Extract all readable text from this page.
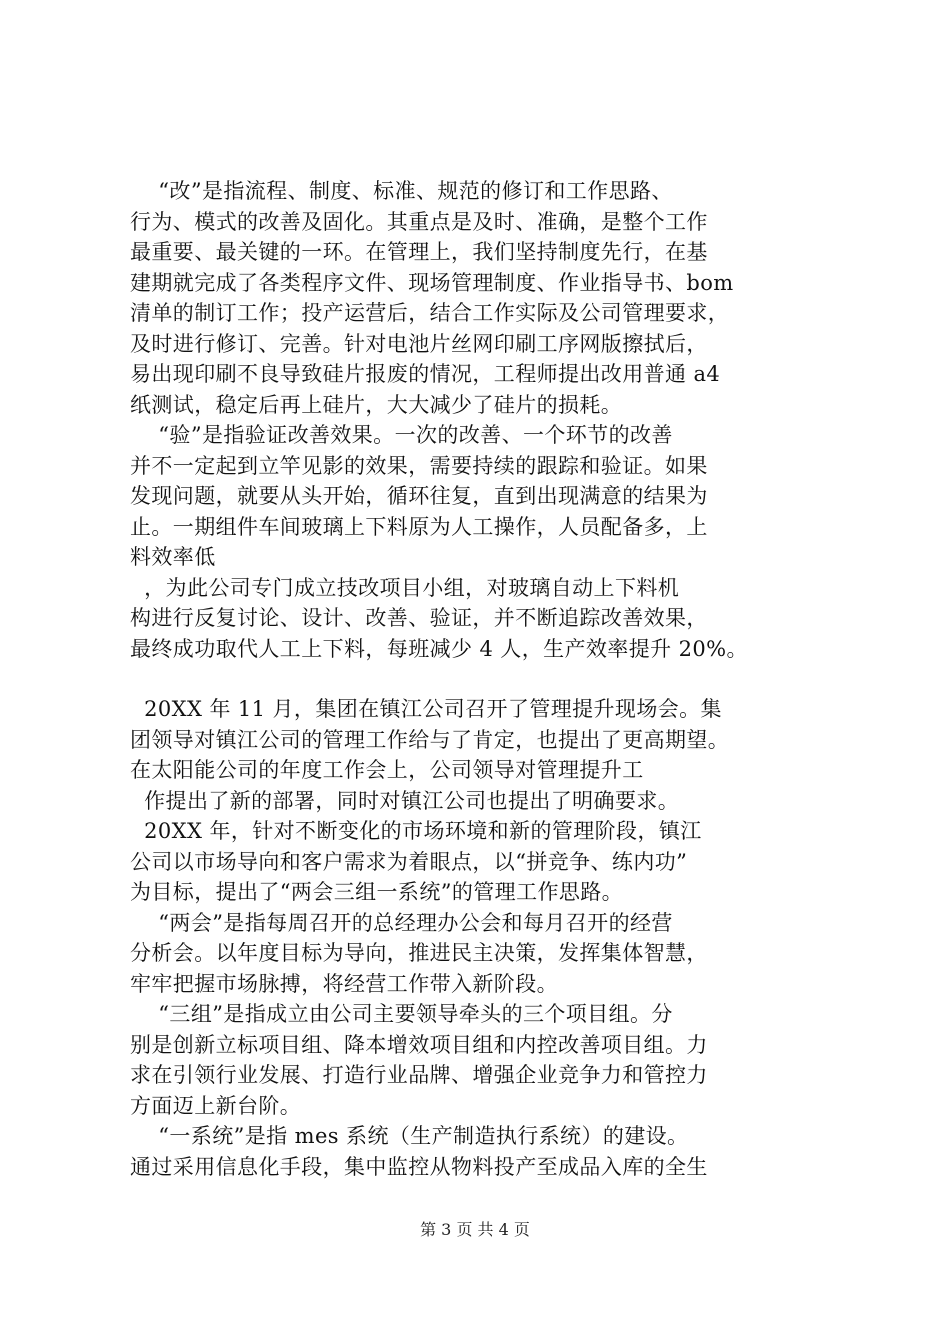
“改”是指流程、制度、标准、规范的修订和工作思路、
行为、模式的改善及固化。其重点是及时、准确，是整个工作
最重要、最关键的一环。在管理上，我们坚持制度先行，在基
建期就完成了各类程序文件、现场管理制度、作业指导书、bom
清单的制订工作；投产运营后，结合工作实际及公司管理要求，
及时进行修订、完善。针对电池片丝网印刷工序网版擦拭后，
易出现印刷不良导致硅片报废的情况，工程师提出改用普通 a4
纸测试，稳定后再上硅片，大大减少了硅片的损耗。
“验”是指验证改善效果。一次的改善、一个环节的改善
并不一定起到立竿见影的效果，需要持续的跟踪和验证。如果
发现问题，就要从头开始，循环往复，直到出现满意的结果为
止。一期组件车间玻璃上下料原为人工操作，人员配备多，上
料效率低
，为此公司专门成立技改项目小组，对玻璃自动上下料机
构进行反复讨论、设计、改善、验证，并不断追踪改善效果，
最终成功取代人工上下料，每班减少 4 人，生产效率提升 20%。
20XX 年 11 月，集团在镇江公司召开了管理提升现场会。集
团领导对镇江公司的管理工作给与了肯定，也提出了更高期望。
在太阳能公司的年度工作会上，公司领导对管理提升工
作提出了新的部署，同时对镇江公司也提出了明确要求。
20XX 年，针对不断变化的市场环境和新的管理阶段，镇江
公司以市场导向和客户需求为着眼点，以“拼竞争、练内功”
为目标，提出了“两会三组一系统”的管理工作思路。
“两会”是指每周召开的总经理办公会和每月召开的经营
分析会。以年度目标为导向，推进民主决策，发挥集体智慧，
牢牢把握市场脉搏，将经营工作带入新阶段。
“三组”是指成立由公司主要领导牵头的三个项目组。分
别是创新立标项目组、降本增效项目组和内控改善项目组。力
求在引领行业发展、打造行业品牌、增强企业竞争力和管控力
方面迈上新台阶。
“一系统”是指 mes 系统（生产制造执行系统）的建设。
通过采用信息化手段，集中监控从物料投产至成品入库的全生
第 3 页 共 4 页
